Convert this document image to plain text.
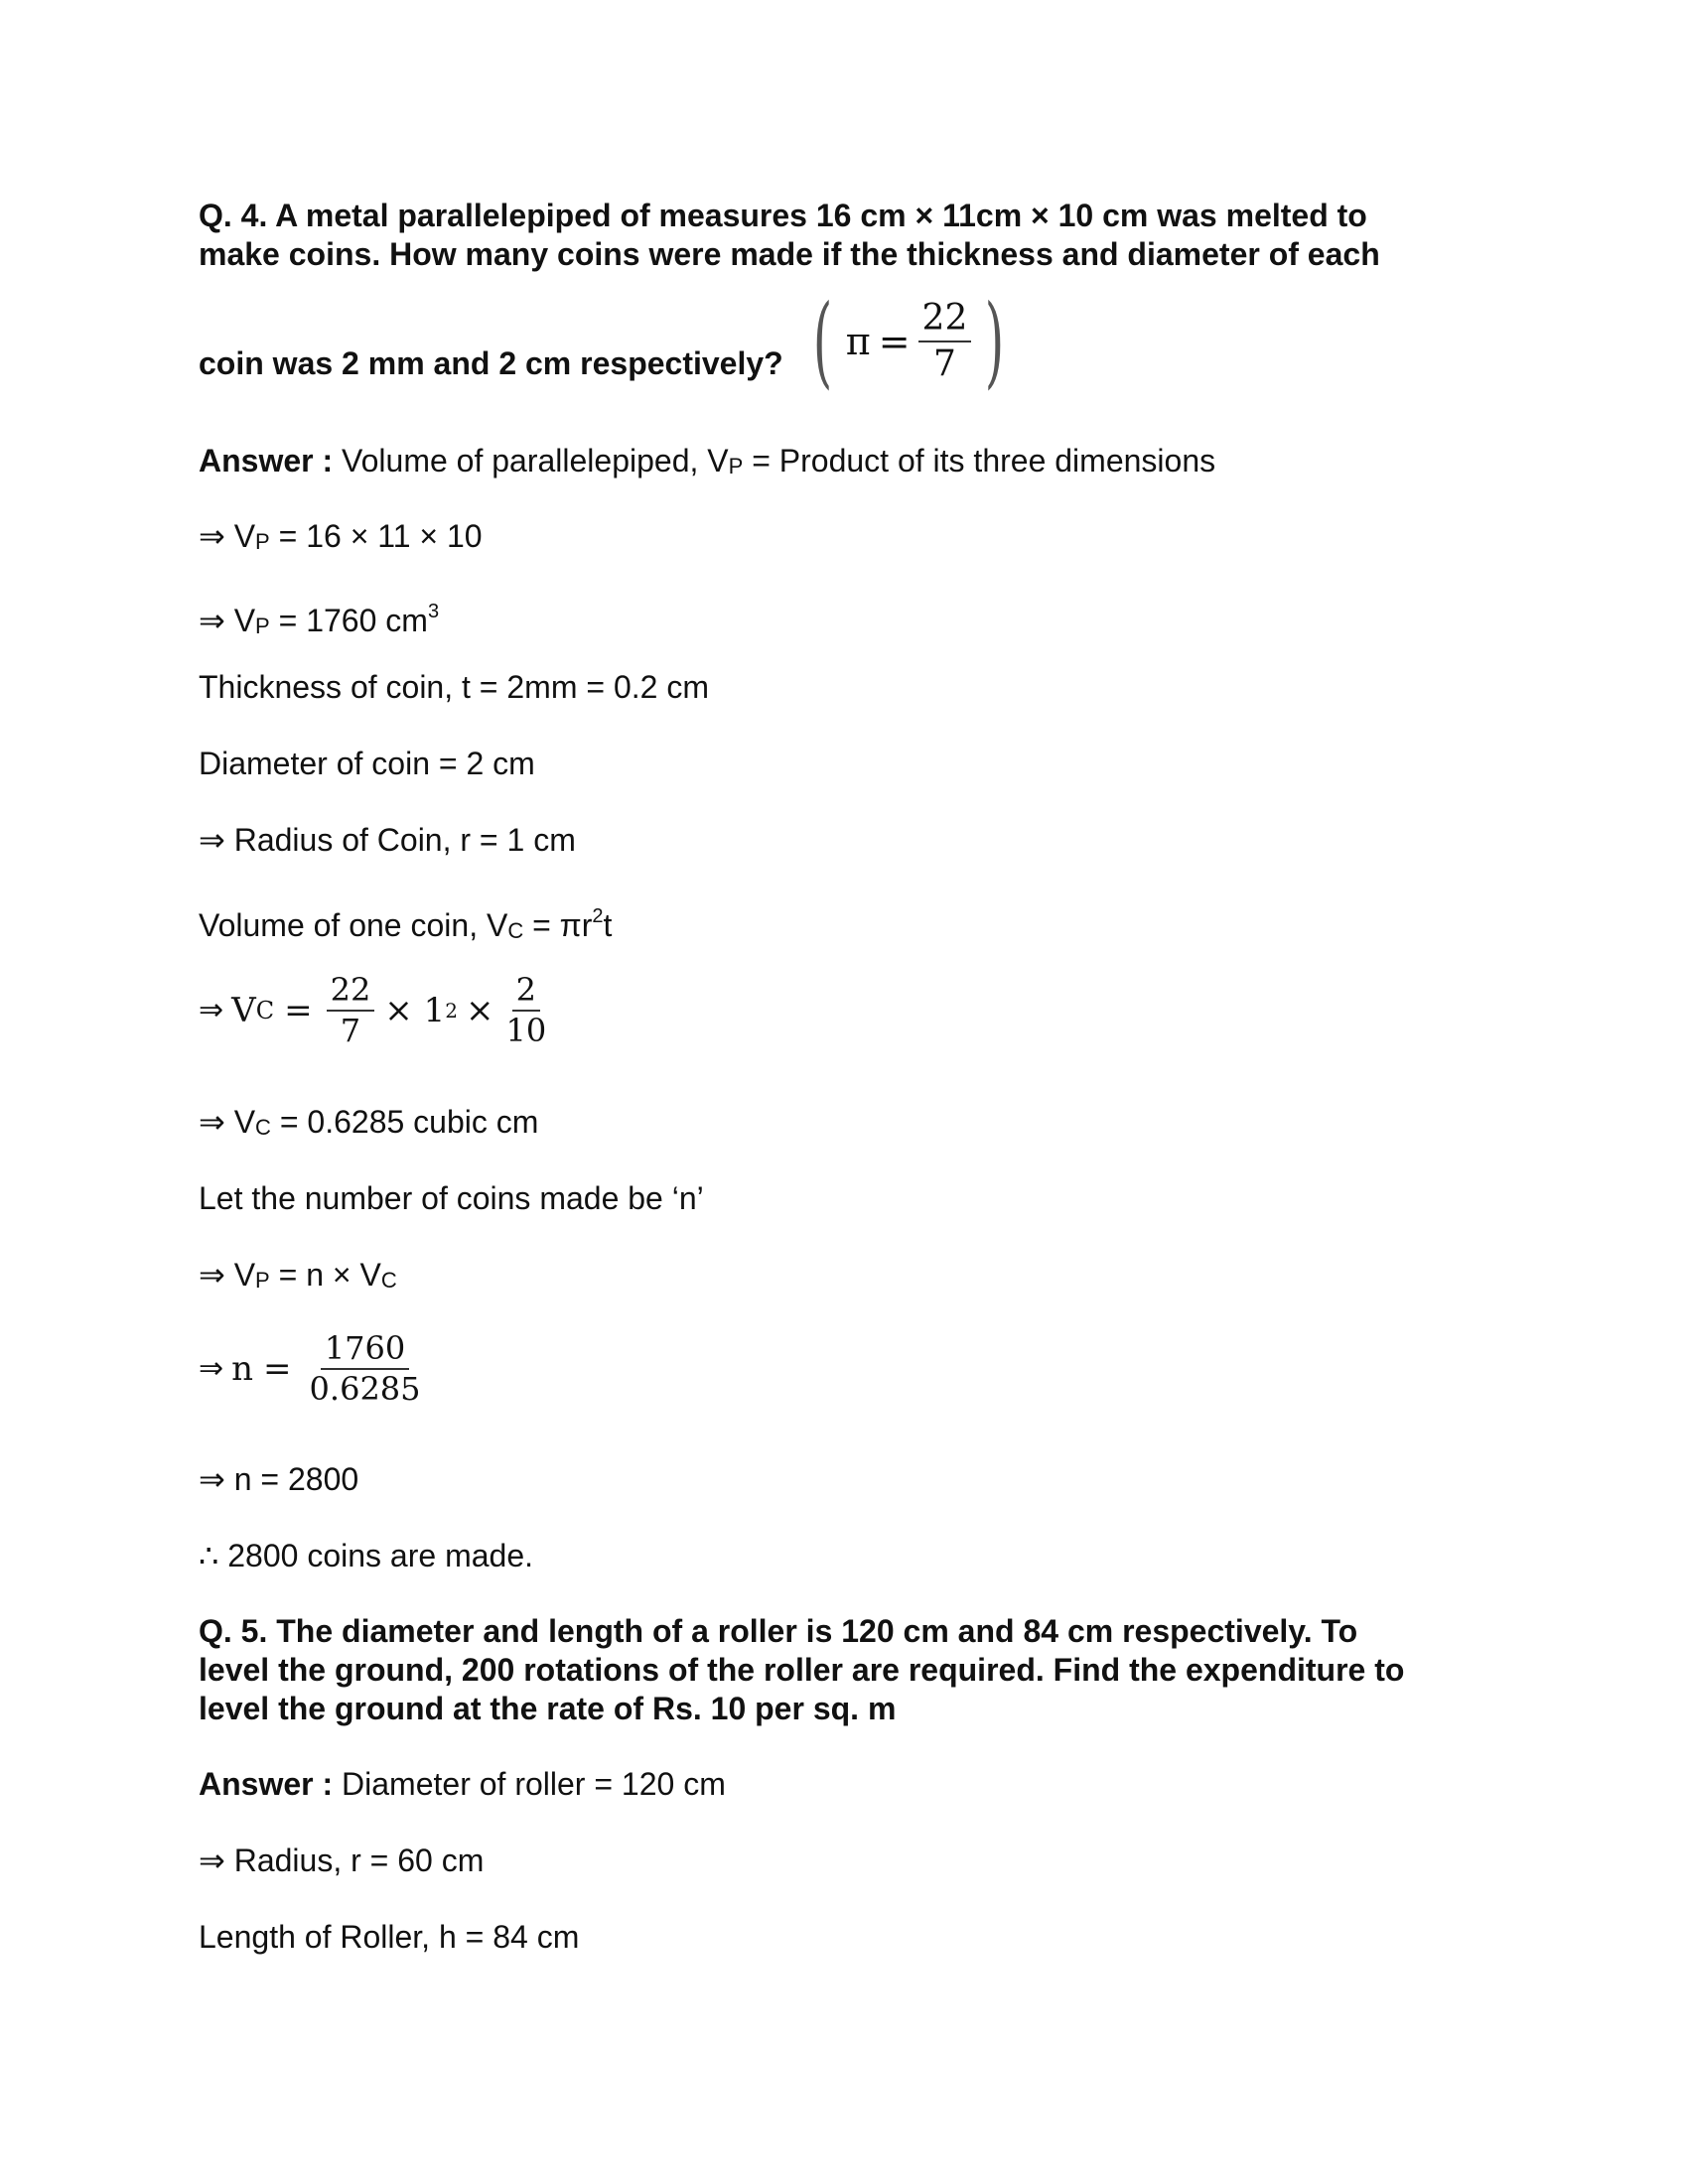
Q. 4. A metal parallelepiped of measures 16 cm × 11cm × 10 cm was melted to

make coins. How many coins were made if the thickness and diameter of each

coin was 2 mm and 2 cm respectively? ( $\pi = \frac{22}{7}$ )
Answer : Volume of parallelepiped, VP = Product of its three dimensions
⇒ VP = 16 × 11 × 10
⇒ VP = 1760 $cm^3$
Thickness of coin, t = 2mm = 0.2 cm
Diameter of coin = 2 cm
⇒ Radius of Coin, r = 1 cm
Volume of one coin, VC = $\pi r^2t$
⇒ V $C = \frac{22}{7} \times 1$ $2 \times \frac{2}{10}$
⇒ VC = 0.6285 cubic cm
Let the number of coins made be ‘n’
⇒ VP = n × VC
⇒ $n = \frac{1760}{0.6285}$
⇒ n = 2800
∴ 2800 coins are made.

Q. 5. The diameter and length of a roller is 120 cm and 84 cm respectively. To

level the ground, 200 rotations of the roller are required. Find the expenditure to

level the ground at the rate of Rs. 10 per sq. m

Answer : Diameter of roller = 120 cm
⇒ Radius, r = 60 cm
Length of Roller, h = 84 cm
